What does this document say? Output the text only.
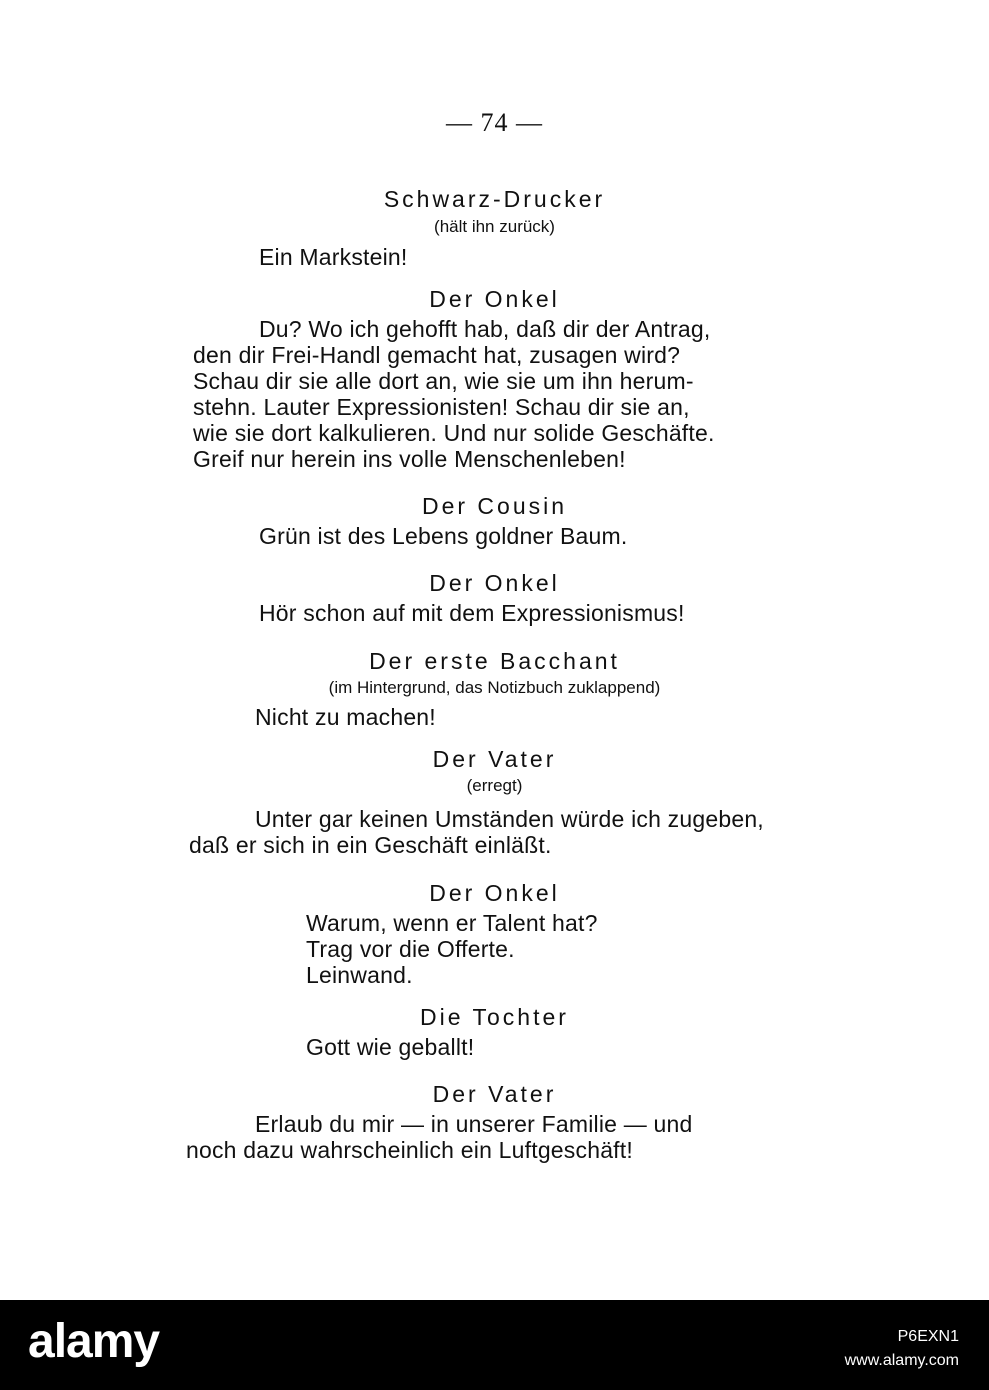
— 74 —
Schwarz-Drucker
(hält ihn zurück)
Ein Markstein!
Der Onkel
Du? Wo ich gehofft hab, daß dir der Antrag,
den dir Frei-Handl gemacht hat, zusagen wird?
Schau dir sie alle dort an, wie sie um ihn herum-
stehn. Lauter Expressionisten! Schau dir sie an,
wie sie dort kalkulieren. Und nur solide Geschäfte.
Greif nur herein ins volle Menschenleben!
Der Cousin
Grün ist des Lebens goldner Baum.
Der Onkel
Hör schon auf mit dem Expressionismus!
Der erste Bacchant
(im Hintergrund, das Notizbuch zuklappend)
Nicht zu machen!
Der Vater
(erregt)
Unter gar keinen Umständen würde ich zugeben,
daß er sich in ein Geschäft einläßt.
Der Onkel
Warum, wenn er Talent hat?
Trag vor die Offerte.
Leinwand.
Die Tochter
Gott wie geballt!
Der Vater
Erlaub du mir — in unserer Familie — und
noch dazu wahrscheinlich ein Luftgeschäft!
alamy	P6EXN1
www.alamy.com
